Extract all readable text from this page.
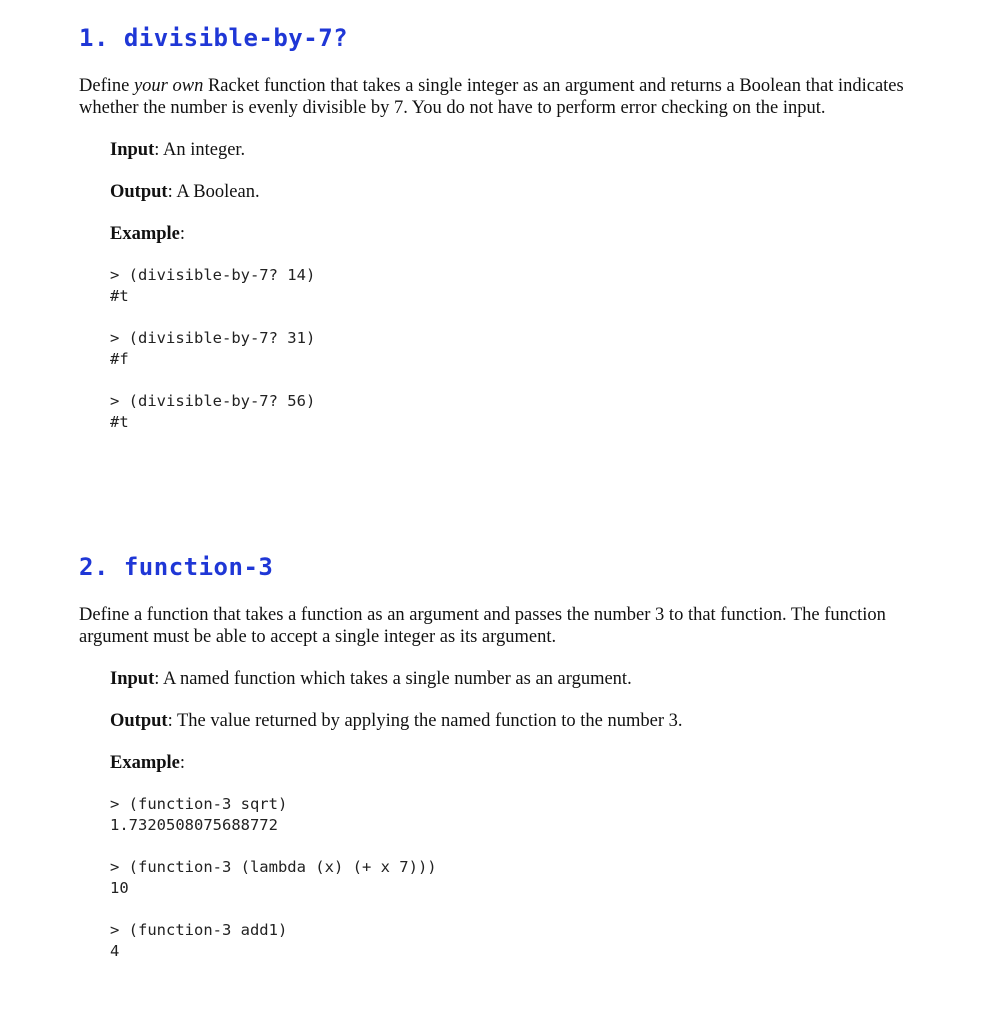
1. divisible-by-7?

Define your own Racket function that takes a single integer as an argument and returns a Boolean that indicates whether the number is evenly divisible by 7. You do not have to perform error checking on the input.

Input: An integer.

Output: A Boolean.

Example:

> (divisible-by-7? 14)

#t

> (divisible-by-7? 31)

#f

> (divisible-by-7? 56)

#t

2. function-3

Define a function that takes a function as an argument and passes the number 3 to that function. The function argument must be able to accept a single integer as its argument.

Input: A named function which takes a single number as an argument.

Output: The value returned by applying the named function to the number 3.

Example:

> (function-3 sqrt)

1.7320508075688772

> (function-3 (lambda (x) (+ x 7)))

10

> (function-3 add1)

4
